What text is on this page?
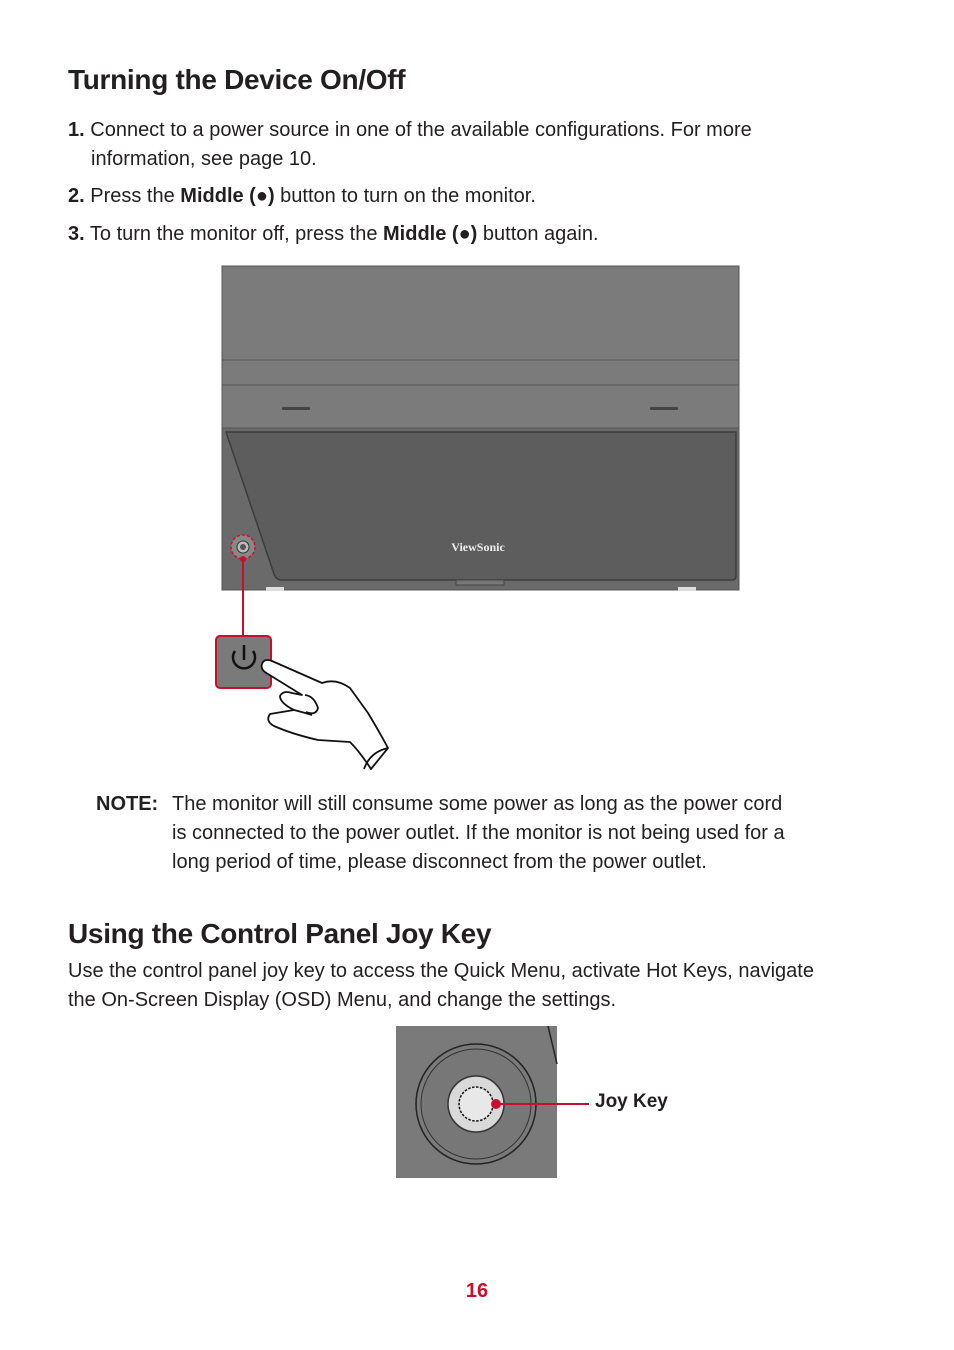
Turning the Device On/Off
1. Connect to a power source in one of the available configurations. For more
information, see page 10.
2. Press the Middle (●) button to turn on the monitor.
3. To turn the monitor off, press the Middle (●) button again.
ViewSonic
NOTE: The monitor will still consume some power as long as the power cord
is connected to the power outlet. If the monitor is not being used for a
long period of time, please disconnect from the power outlet.
Using the Control Panel Joy Key
Use the control panel joy key to access the Quick Menu, activate Hot Keys, navigate
the On-Screen Display (OSD) Menu, and change the settings.
Joy Key
16
